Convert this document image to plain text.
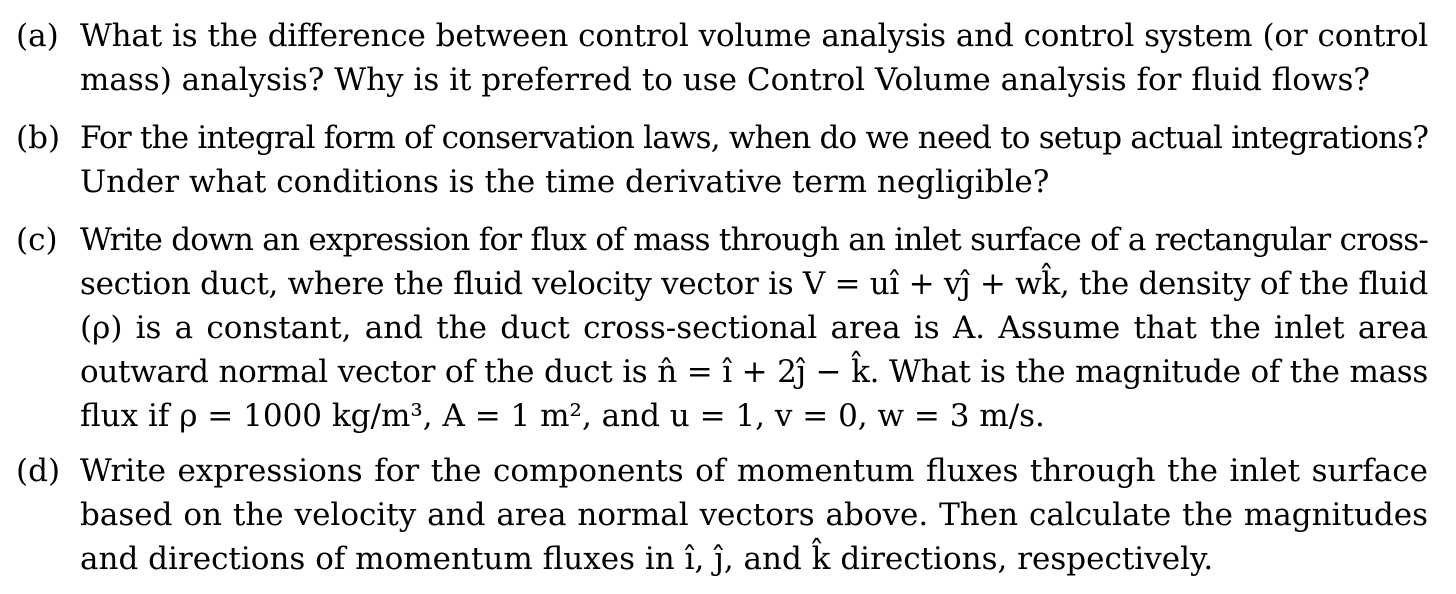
(a) What is the difference between control volume analysis and control system (or control
mass) analysis? Why is it preferred to use Control Volume analysis for fluid flows?
(b) For the integral form of conservation laws, when do we need to setup actual integrations?
Under what conditions is the time derivative term negligible?
(c) Write down an expression for flux of mass through an inlet surface of a rectangular cross-
section duct, where the fluid velocity vector is V = uî + vĵ + wk̂, the density of the fluid
(ρ) is a constant, and the duct cross-sectional area is A. Assume that the inlet area
outward normal vector of the duct is n̂ = î + 2ĵ − k̂. What is the magnitude of the mass
flux if ρ = 1000 kg/m³, A = 1 m², and u = 1, v = 0, w = 3 m/s.
(d) Write expressions for the components of momentum fluxes through the inlet surface
based on the velocity and area normal vectors above. Then calculate the magnitudes
and directions of momentum fluxes in î, ĵ, and k̂ directions, respectively.
